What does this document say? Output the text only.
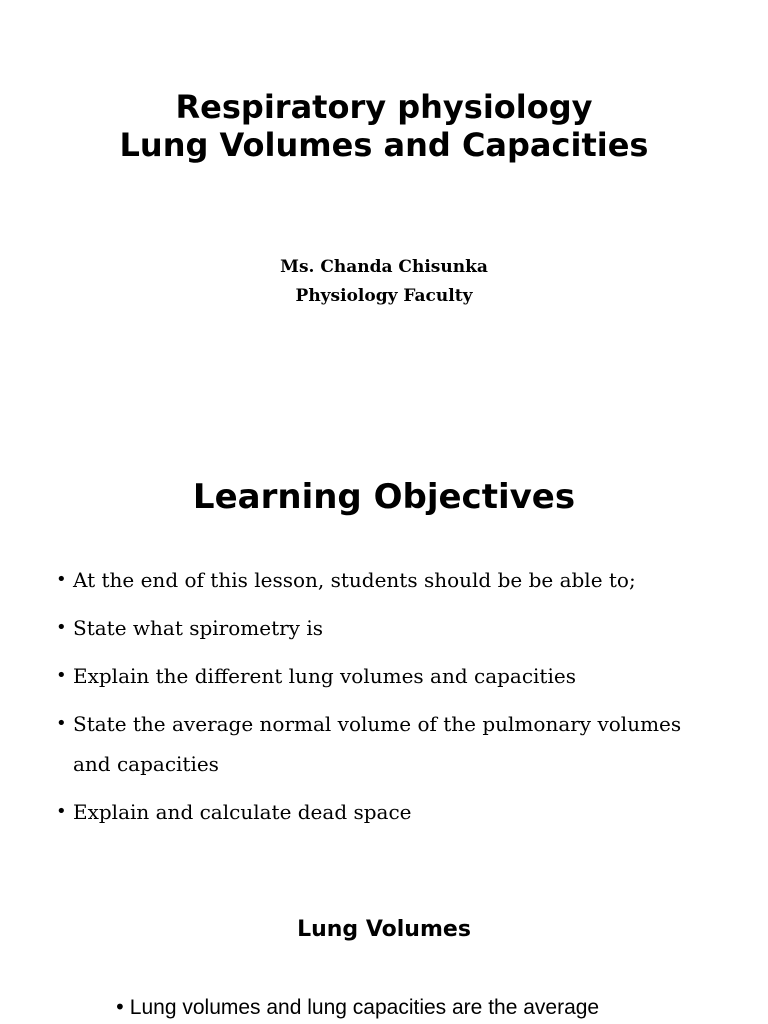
Respiratory physiology
Lung Volumes and Capacities
Ms. Chanda Chisunka
Physiology Faculty
Learning Objectives
• At the end of this lesson, students should be be able to;
• State what spirometry is
• Explain the different lung volumes and capacities
• State the average normal volume of the pulmonary volumes and capacities
• Explain and calculate dead space
Lung Volumes
• Lung volumes and lung capacities are the average
